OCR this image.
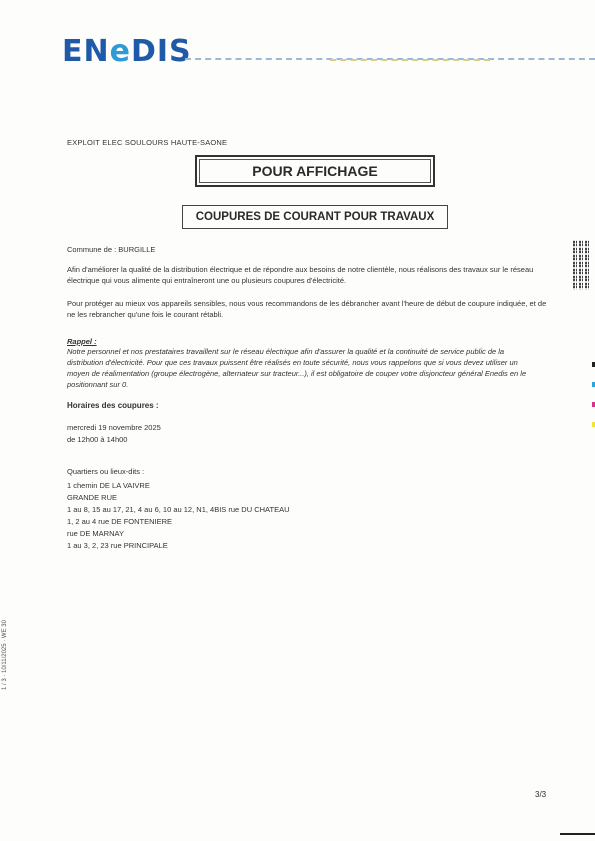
ENeDIS
EXPLOIT ELEC SOULOURS HAUTE-SAONE
POUR AFFICHAGE
COUPURES DE COURANT POUR TRAVAUX
Commune de : BURGILLE
Afin d'améliorer la qualité de la distribution électrique et de répondre aux besoins de notre clientèle, nous réalisons des travaux sur le réseau électrique qui vous alimente qui entraîneront une ou plusieurs coupures d'électricité.
Pour protéger au mieux vos appareils sensibles, nous vous recommandons de les débrancher avant l'heure de début de coupure indiquée, et de ne les rebrancher qu'une fois le courant rétabli.
Rappel :
Notre personnel et nos prestataires travaillent sur le réseau électrique afin d'assurer la qualité et la continuité de service public de la distribution d'électricité. Pour que ces travaux puissent être réalisés en toute sécurité, nous vous rappelons que si vous devez utiliser un moyen de réalimentation (groupe électrogène, alternateur sur tracteur...), il est obligatoire de couper votre disjoncteur général Enedis en le positionnant sur 0.
Horaires des coupures :
mercredi 19 novembre 2025
de 12h00 à 14h00
Quartiers ou lieux-dits :
1 chemin DE LA VAIVRE
GRANDE RUE
1 au 8, 15 au 17, 21, 4 au 6, 10 au 12, N1, 4BIS rue DU CHATEAU
1, 2 au 4 rue DE FONTENIERE
rue DE MARNAY
1 au 3, 2, 23 rue PRINCIPALE
1 / 3 · 10/11/2025 · WE 30
3/3
